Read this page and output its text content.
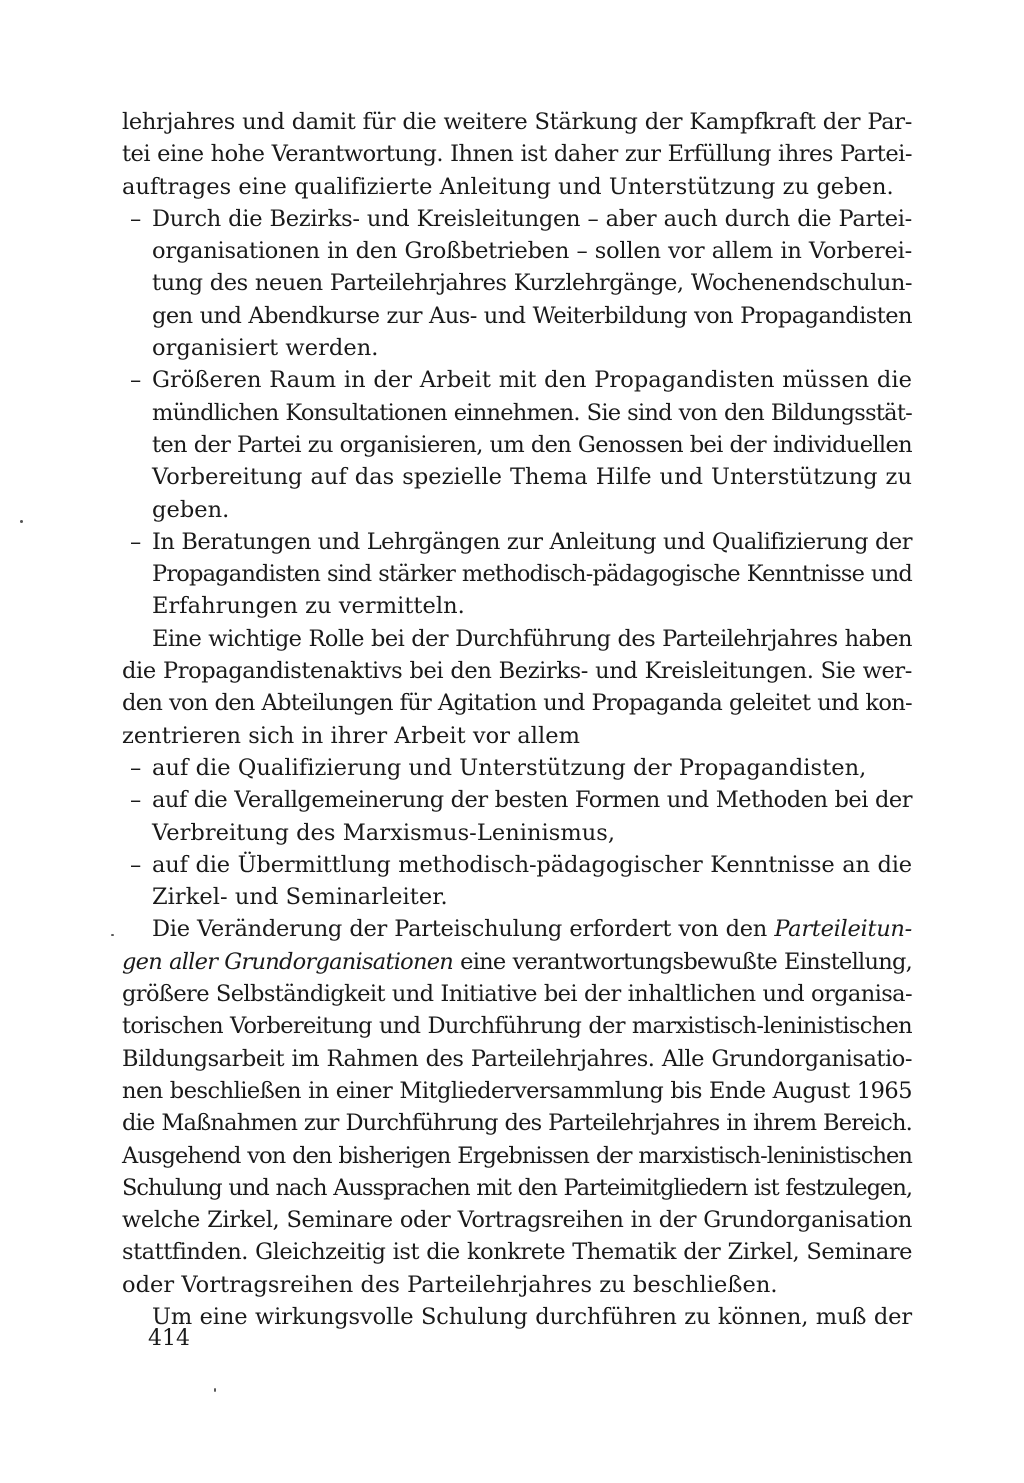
lehrjahres und damit für die weitere Stärkung der Kampfkraft der Par-
tei eine hohe Verantwortung. Ihnen ist daher zur Erfüllung ihres Partei-
auftrages eine qualifizierte Anleitung und Unterstützung zu geben.
– Durch die Bezirks- und Kreisleitungen – aber auch durch die Partei-
organisationen in den Großbetrieben – sollen vor allem in Vorberei-
tung des neuen Parteilehrjahres Kurzlehrgänge, Wochenendschulun-
gen und Abendkurse zur Aus- und Weiterbildung von Propagandisten
organisiert werden.
– Größeren Raum in der Arbeit mit den Propagandisten müssen die
mündlichen Konsultationen einnehmen. Sie sind von den Bildungsstät-
ten der Partei zu organisieren, um den Genossen bei der individuellen
Vorbereitung auf das spezielle Thema Hilfe und Unterstützung zu
geben.
– In Beratungen und Lehrgängen zur Anleitung und Qualifizierung der
Propagandisten sind stärker methodisch-pädagogische Kenntnisse und
Erfahrungen zu vermitteln.
Eine wichtige Rolle bei der Durchführung des Parteilehrjahres haben
die Propagandistenaktivs bei den Bezirks- und Kreisleitungen. Sie wer-
den von den Abteilungen für Agitation und Propaganda geleitet und kon-
zentrieren sich in ihrer Arbeit vor allem
– auf die Qualifizierung und Unterstützung der Propagandisten,
– auf die Verallgemeinerung der besten Formen und Methoden bei der
Verbreitung des Marxismus-Leninismus,
– auf die Übermittlung methodisch-pädagogischer Kenntnisse an die
Zirkel- und Seminarleiter.
Die Veränderung der Parteischulung erfordert von den Parteileitun-
gen aller Grundorganisationen eine verantwortungsbewußte Einstellung,
größere Selbständigkeit und Initiative bei der inhaltlichen und organisa-
torischen Vorbereitung und Durchführung der marxistisch-leninistischen
Bildungsarbeit im Rahmen des Parteilehrjahres. Alle Grundorganisatio-
nen beschließen in einer Mitgliederversammlung bis Ende August 1965
die Maßnahmen zur Durchführung des Parteilehrjahres in ihrem Bereich.
Ausgehend von den bisherigen Ergebnissen der marxistisch-leninistischen
Schulung und nach Aussprachen mit den Parteimitgliedern ist festzulegen,
welche Zirkel, Seminare oder Vortragsreihen in der Grundorganisation
stattfinden. Gleichzeitig ist die konkrete Thematik der Zirkel, Seminare
oder Vortragsreihen des Parteilehrjahres zu beschließen.
Um eine wirkungsvolle Schulung durchführen zu können, muß der
414
